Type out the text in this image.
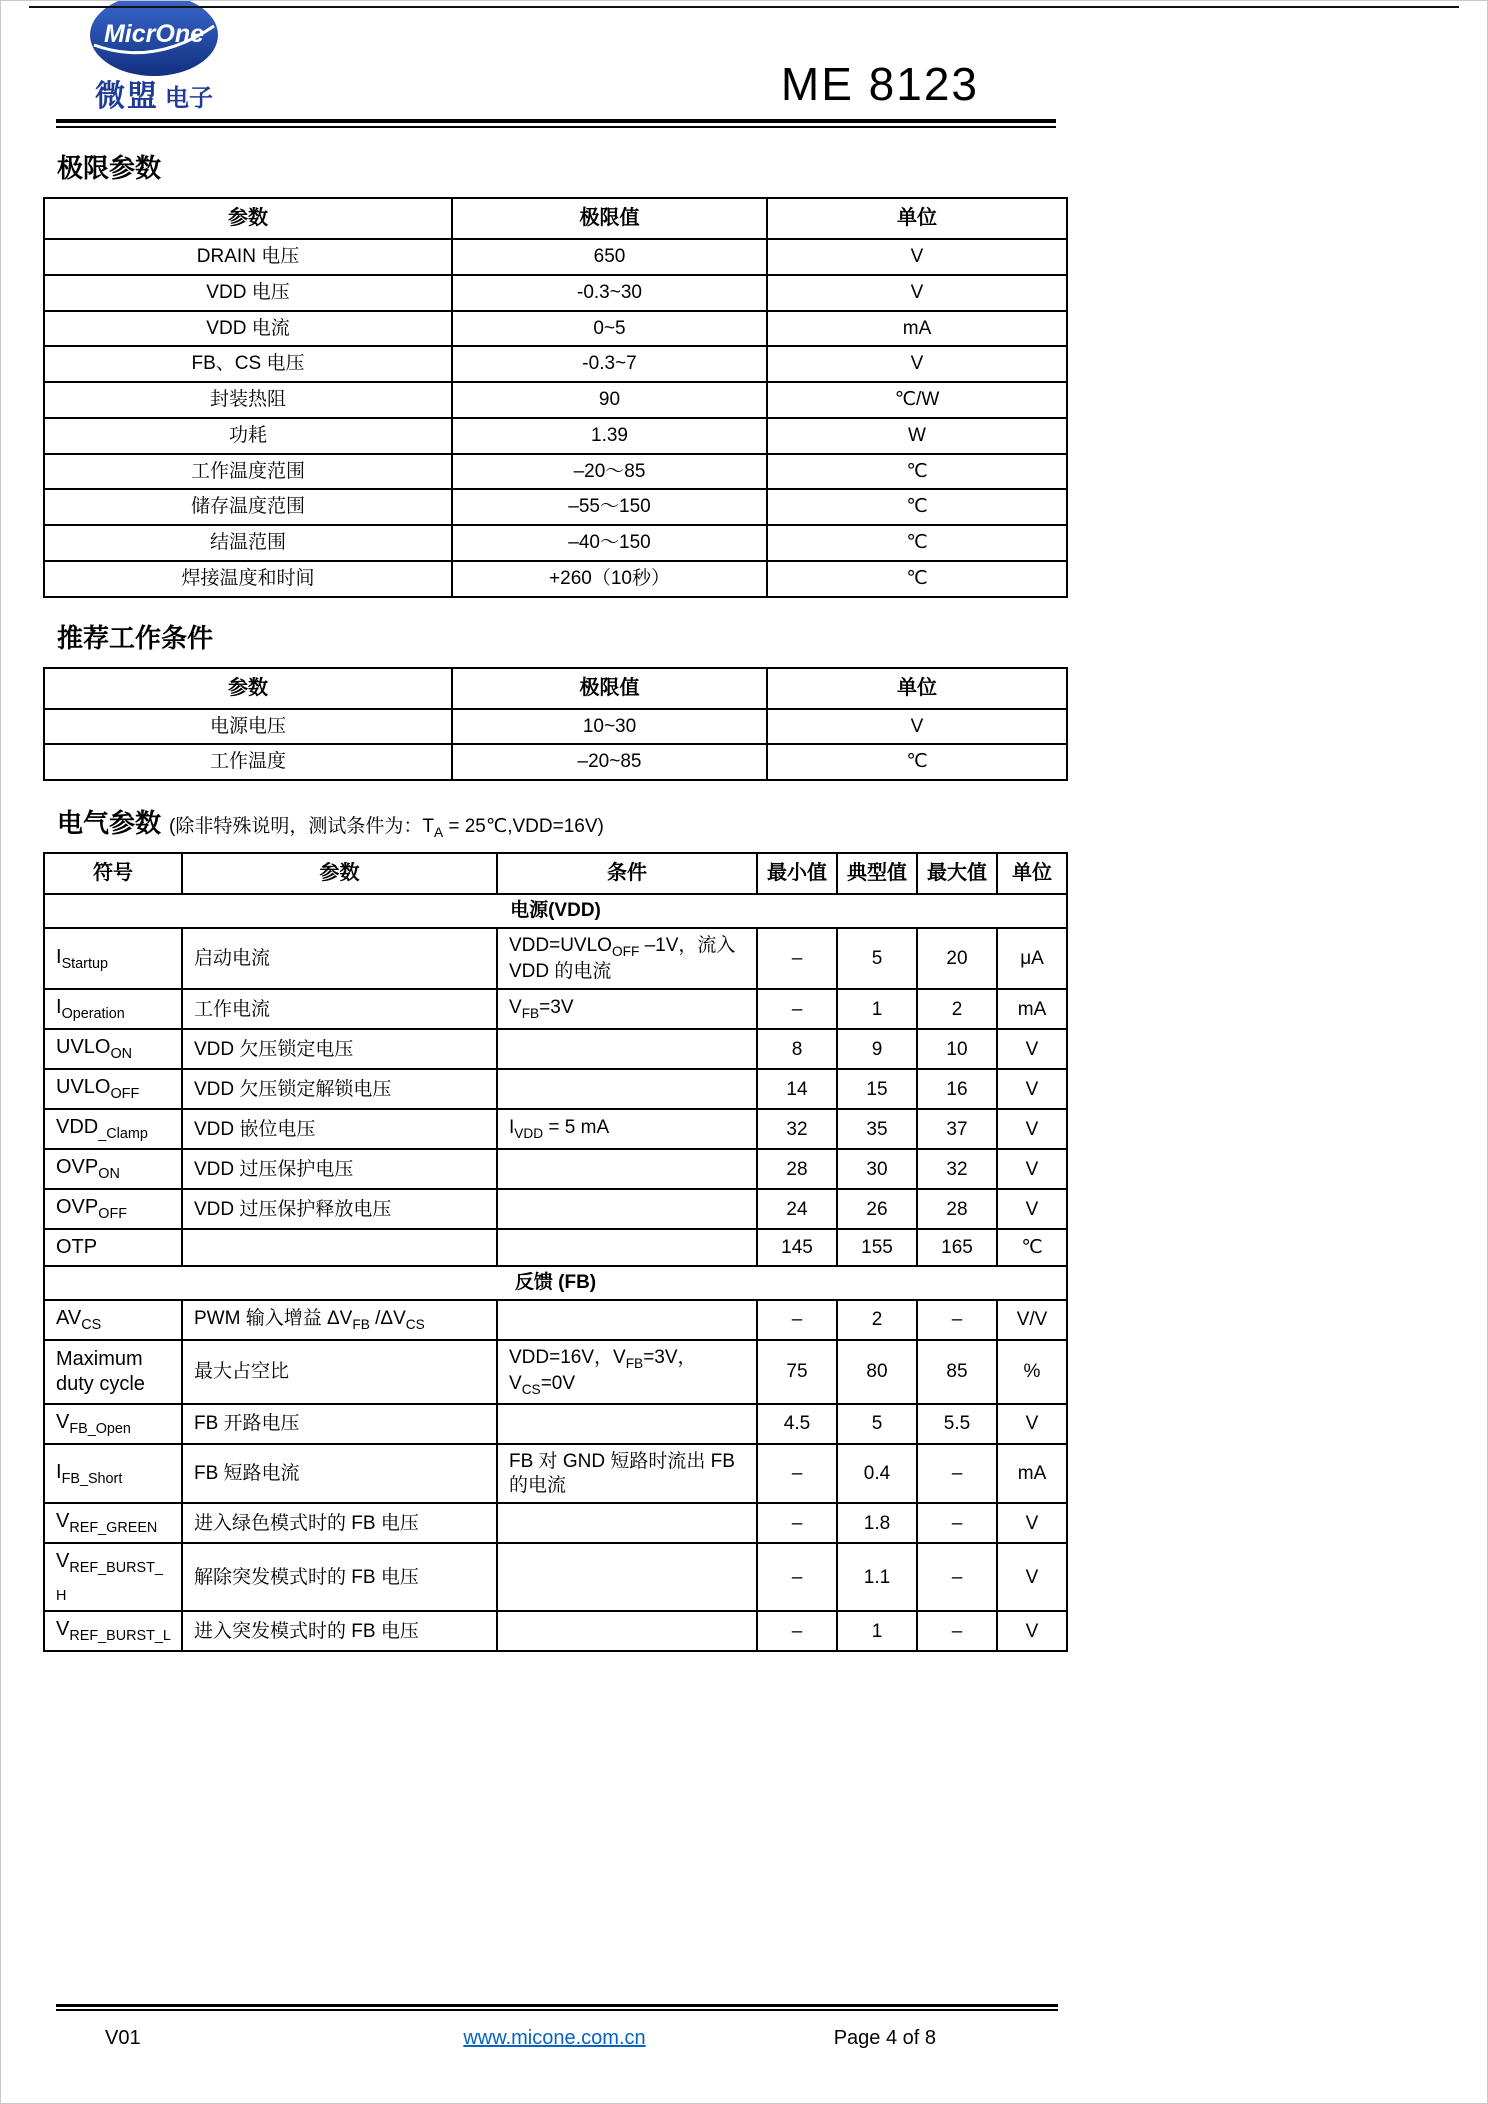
MicrOne
微盟 电子	ME 8123
极限参数
参数	极限值	单位
DRAIN 电压	650	V
VDD 电压	-0.3~30	V
VDD 电流	0~5	mA
FB、CS 电压	-0.3~7	V
封装热阻	90	℃/W
功耗	1.39	W
工作温度范围	–20～85	℃
储存温度范围	–55～150	℃
结温范围	–40～150	℃
焊接温度和时间	+260（10秒）	℃
推荐工作条件
参数	极限值	单位
电源电压	10~30	V
工作温度	–20~85	℃
电气参数 (除非特殊说明，测试条件为：$T_A$ = 25℃,VDD=16V)
符号	参数	条件	最小值	典型值	最大值	单位
电源(VDD)						
$I_{Startup}$	启动电流	$VDD=UVLO_{OFF}$ –1V，流入 VDD 的电流	–	5	20	μA
$I_{Operation}$	工作电流	$V_{FB}=3V$	–	1	2	mA
$UVLO_{ON}$	VDD 欠压锁定电压		8	9	10	V
$UVLO_{OFF}$	VDD 欠压锁定解锁电压		14	15	16	V
$VDD_{\_Clamp}$	VDD 嵌位电压	$I_{VDD} = 5$ mA	32	35	37	V
$OVP_{ON}$	VDD 过压保护电压		28	30	32	V
$OVP_{OFF}$	VDD 过压保护释放电压		24	26	28	V
OTP			145	155	165	℃
反馈 (FB)						
$AV_{CS}$	PWM 输入增益 $\Delta V_{FB}$ $/\Delta V_{CS}$		–	2	–	V/V
Maximum duty cycle	最大占空比	VDD=16V，$V_{FB}=3V$，$V_{CS}=0V$	75	80	85	%
$V_{FB\_Open}$	FB 开路电压		4.5	5	5.5	V
$I_{FB\_Short}$	FB 短路电流	FB 对 GND 短路时流出 FB 的电流	–	0.4	–	mA
$V_{REF\_GREEN}$	进入绿色模式时的 FB 电压		–	1.8	–	V
$V_{REF\_BURST\_H}$	解除突发模式时的 FB 电压		–	1.1	–	V
$V_{REF\_BURST\_L}$	进入突发模式时的 FB 电压		–	1	–	V
V01	www.micone.com.cn	Page 4 of 8
